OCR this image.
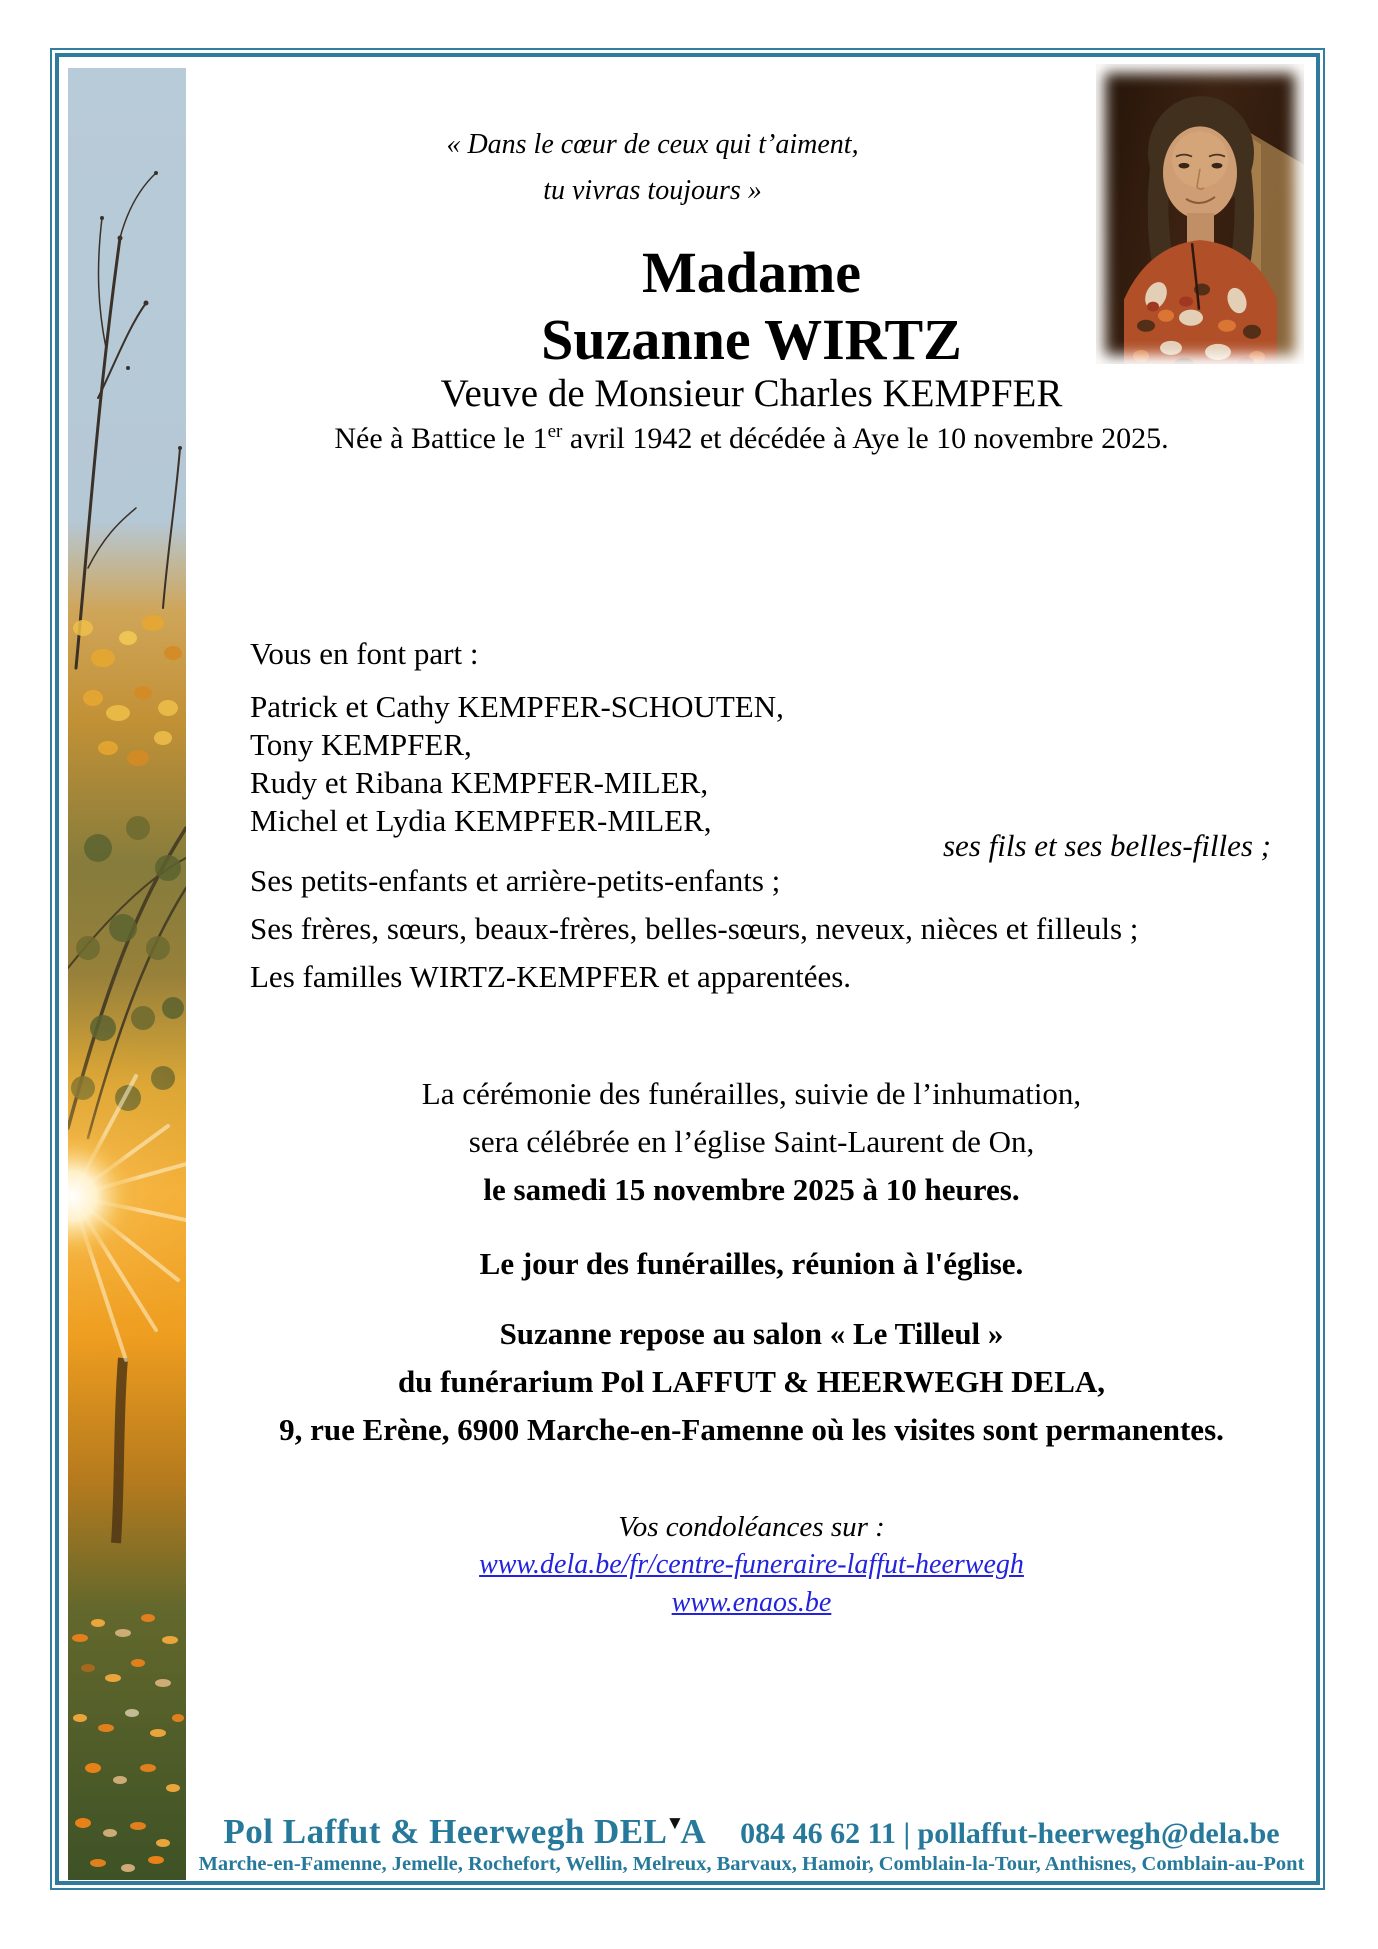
« Dans le cœur de ceux qui t’aiment,
tu vivras toujours »
Madame
Suzanne WIRTZ
Veuve de Monsieur Charles KEMPFER
Née à Battice le 1er avril 1942 et décédée à Aye le 10 novembre 2025.
Vous en font part :
Patrick et Cathy KEMPFER-SCHOUTEN,
Tony KEMPFER,
Rudy et Ribana KEMPFER-MILER,
Michel et Lydia KEMPFER-MILER,
ses fils et ses belles-filles ;
Ses petits-enfants et arrière-petits-enfants ;
Ses frères, sœurs, beaux-frères, belles-sœurs, neveux, nièces et filleuls ;
Les familles WIRTZ-KEMPFER et apparentées.
La cérémonie des funérailles, suivie de l’inhumation,
sera célébrée en l’église Saint-Laurent de On,
le samedi 15 novembre 2025 à 10 heures.
Le jour des funérailles, réunion à l'église.
Suzanne repose au salon « Le Tilleul »
du funérarium Pol LAFFUT & HEERWEGH DELA,
9, rue Erène, 6900 Marche-en-Famenne où les visites sont permanentes.
Vos condoléances sur :
www.dela.be/fr/centre-funeraire-laffut-heerwegh
www.enaos.be
Pol Laffut & Heerwegh DEL▼A 084 46 62 11 | pollaffut-heerwegh@dela.be
Marche-en-Famenne, Jemelle, Rochefort, Wellin, Melreux, Barvaux, Hamoir, Comblain-la-Tour, Anthisnes, Comblain-au-Pont
